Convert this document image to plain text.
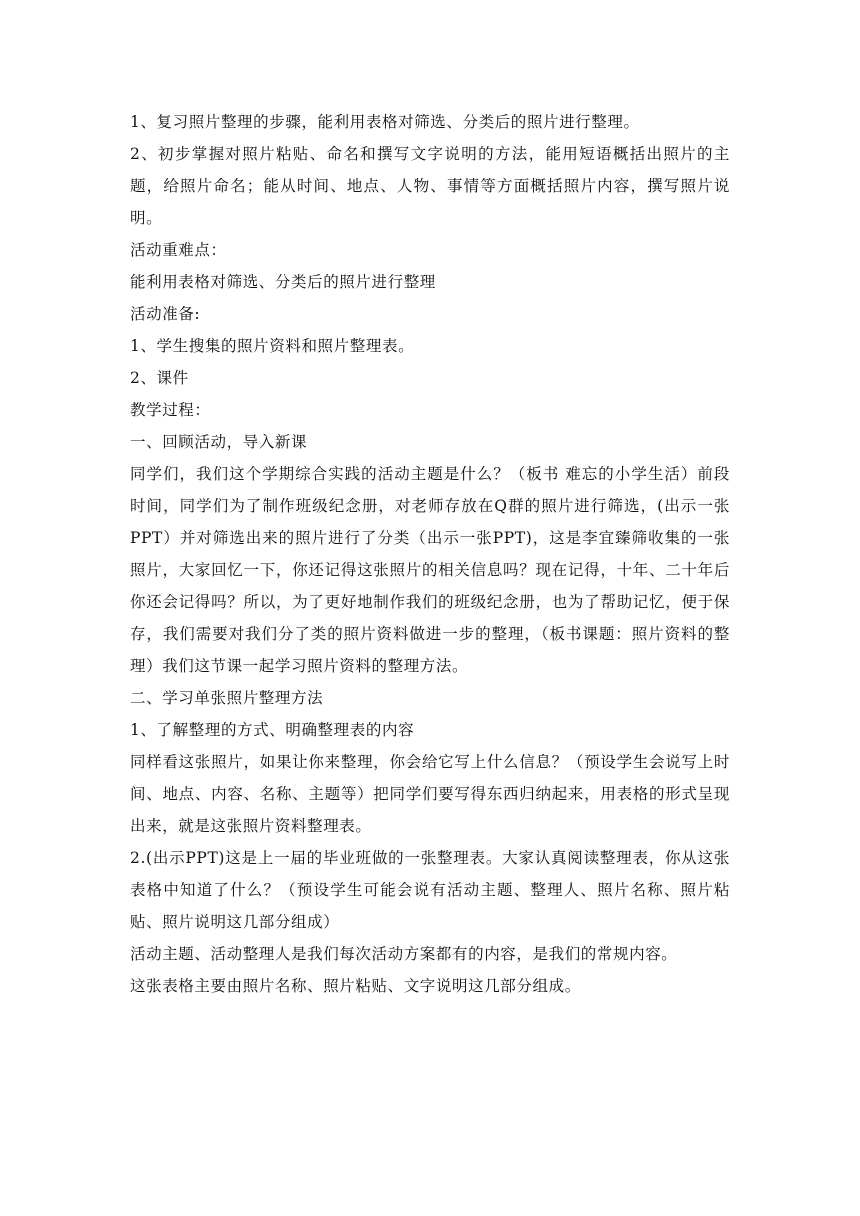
1、复习照片整理的步骤，能利用表格对筛选、分类后的照片进行整理。

2、初步掌握对照片粘贴、命名和撰写文字说明的方法，能用短语概括出照片的主题，给照片命名；能从时间、地点、人物、事情等方面概括照片内容，撰写照片说明。

活动重难点：

能利用表格对筛选、分类后的照片进行整理

活动准备:

1、学生搜集的照片资料和照片整理表。

2、课件

教学过程：

一、回顾活动，导入新课

同学们，我们这个学期综合实践的活动主题是什么？（板书 难忘的小学生活）前段时间，同学们为了制作班级纪念册，对老师存放在Q群的照片进行筛选，(出示一张PPT）并对筛选出来的照片进行了分类（出示一张PPT)，这是李宜臻筛收集的一张照片，大家回忆一下，你还记得这张照片的相关信息吗？现在记得，十年、二十年后你还会记得吗？所以，为了更好地制作我们的班级纪念册，也为了帮助记忆，便于保存，我们需要对我们分了类的照片资料做进一步的整理，（板书课题：照片资料的整理）我们这节课一起学习照片资料的整理方法。

二、学习单张照片整理方法

1、了解整理的方式、明确整理表的内容

同样看这张照片，如果让你来整理，你会给它写上什么信息？（预设学生会说写上时间、地点、内容、名称、主题等）把同学们要写得东西归纳起来，用表格的形式呈现出来，就是这张照片资料整理表。

2.(出示PPT)这是上一届的毕业班做的一张整理表。大家认真阅读整理表，你从这张表格中知道了什么？（预设学生可能会说有活动主题、整理人、照片名称、照片粘贴、照片说明这几部分组成）

活动主题、活动整理人是我们每次活动方案都有的内容，是我们的常规内容。

这张表格主要由照片名称、照片粘贴、文字说明这几部分组成。
